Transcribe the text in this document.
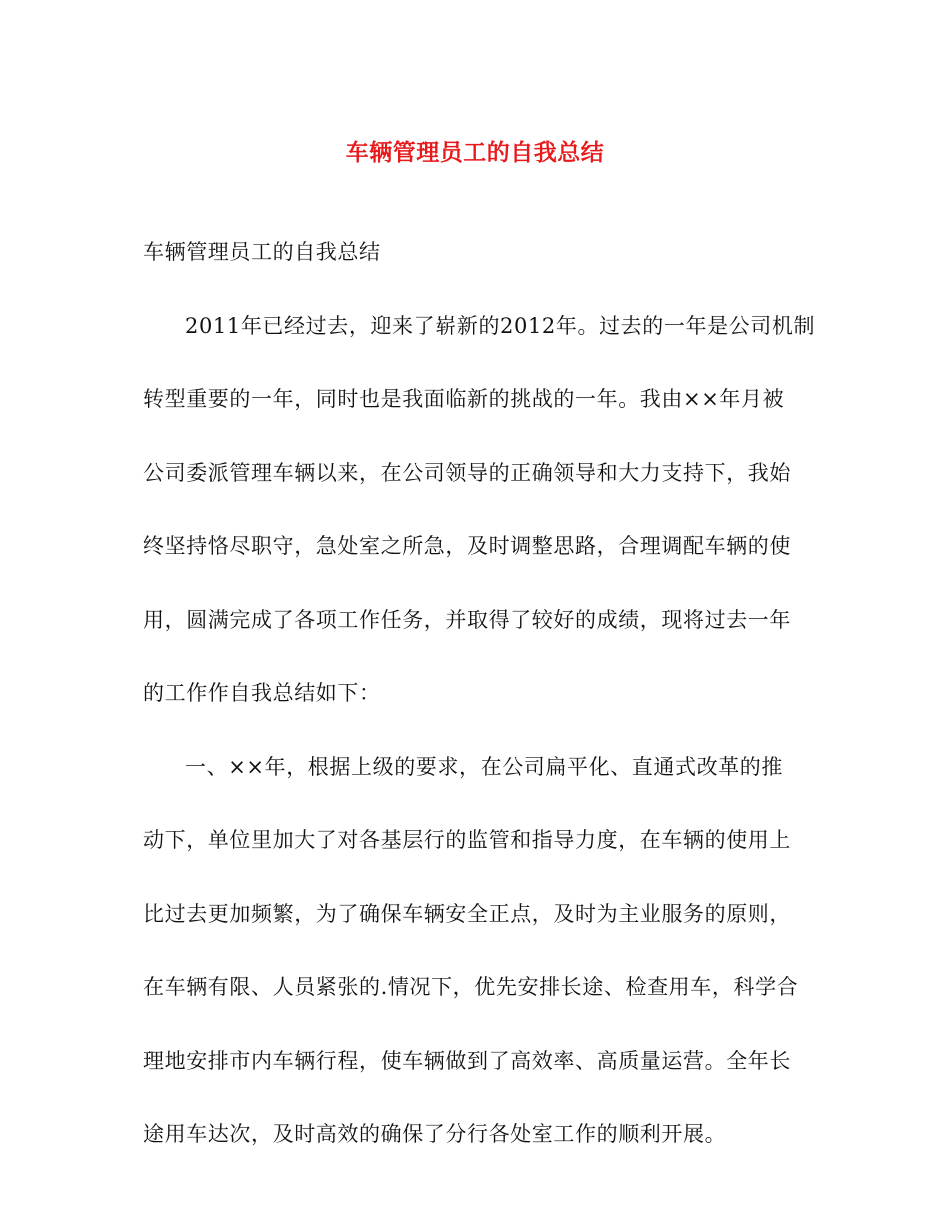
车辆管理员工的自我总结

车辆管理员工的自我总结

2011年已经过去，迎来了崭新的2012年。过去的一年是公司机制
转型重要的一年，同时也是我面临新的挑战的一年。我由××年月被
公司委派管理车辆以来，在公司领导的正确领导和大力支持下，我始
终坚持恪尽职守，急处室之所急，及时调整思路，合理调配车辆的使
用，圆满完成了各项工作任务，并取得了较好的成绩，现将过去一年
的工作作自我总结如下：

一、××年，根据上级的要求，在公司扁平化、直通式改革的推
动下，单位里加大了对各基层行的监管和指导力度，在车辆的使用上
比过去更加频繁，为了确保车辆安全正点，及时为主业服务的原则，
在车辆有限、人员紧张的.情况下，优先安排长途、检查用车，科学合
理地安排市内车辆行程，使车辆做到了高效率、高质量运营。全年长
途用车达次，及时高效的确保了分行各处室工作的顺利开展。
